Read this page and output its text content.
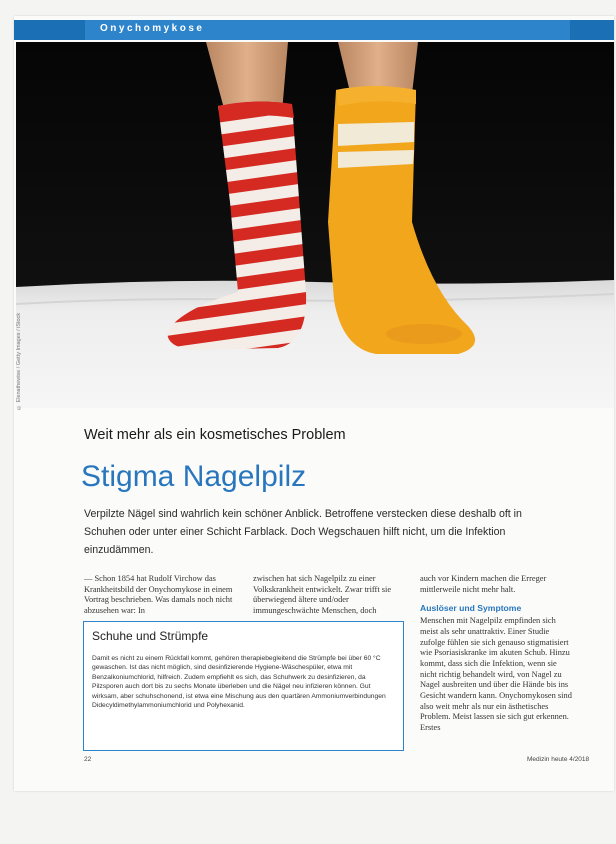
Onychomykose
© Elenathewise / Getty Images / iStock
Weit mehr als ein kosmetisches Problem
Stigma Nagelpilz
Verpilzte Nägel sind wahrlich kein schöner Anblick. Betroffene verstecken diese deshalb oft in Schuhen oder unter einer Schicht Farblack. Doch Wegschauen hilft nicht, um die Infektion einzudämmen.
— Schon 1854 hat Rudolf Virchow das Krankheitsbild der Onychomykose in einem Vortrag beschrieben. Was damals noch nicht abzusehen war: In
zwischen hat sich Nagelpilz zu einer Volkskrankheit entwickelt. Zwar trifft sie überwiegend ältere und/oder immungeschwächte Menschen, doch
auch vor Kindern machen die Erreger mittlerweile nicht mehr halt.
Auslöser und Symptome
Menschen mit Nagelpilz empfinden sich meist als sehr unattraktiv. Einer Studie zufolge fühlen sie sich genauso stigmatisiert wie Psoriasiskranke im akuten Schub. Hinzu kommt, dass sich die Infektion, wenn sie nicht richtig behandelt wird, von Nagel zu Nagel ausbreiten und über die Hände bis ins Gesicht wandern kann. Onychomykosen sind also weit mehr als nur ein ästhetisches Problem. Meist lassen sie sich gut erkennen. Erstes
Schuhe und Strümpfe
Damit es nicht zu einem Rückfall kommt, gehören therapiebegleitend die Strümpfe bei über 60 °C gewaschen. Ist das nicht möglich, sind desinfizierende Hygiene-Wäschespüler, etwa mit Benzalkoniumchlorid, hilfreich. Zudem empfiehlt es sich, das Schuhwerk zu desinfizieren, da Pilzsporen auch dort bis zu sechs Monate überleben und die Nägel neu infizieren können. Gut wirksam, aber schuhschonend, ist etwa eine Mischung aus den quartären Ammoniumverbindungen Didecyldimethylammoniumchlorid und Polyhexanid.
22	Medizin heute 4/2018
